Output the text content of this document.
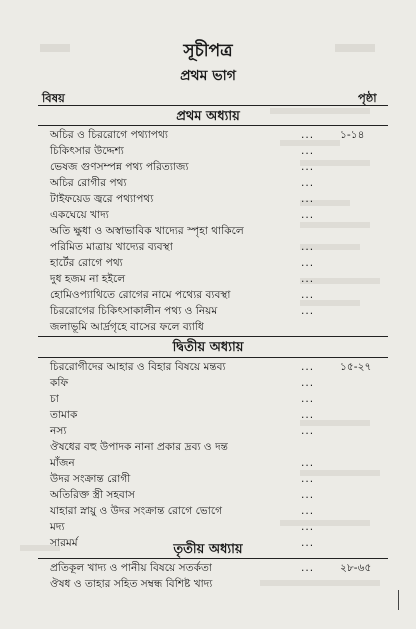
সূচীপত্র
প্রথম ভাগ
বিষয়	পৃষ্ঠা
প্রথম অধ্যায়
অচির ও চিররোগে পথ্যাপথ্য	... ১-১৪
চিকিৎসার উদ্দেশ্য	...
ভেষজ গুণসম্পন্ন পথ্য পরিত্যাজ্য	...
অচির রোগীর পথ্য	...
টাইফয়েড জ্বরে পথ্যাপথ্য	...
একঘেয়ে খাদ্য	...
অতি ক্ষুধা ও অস্বাভাবিক খাদ্যের স্পৃহা থাকিলে
পরিমিত মাত্রায় খাদ্যের ব্যবস্থা	...
হার্টের রোগে পথ্য	...
দুধ হজম না হইলে	...
হোমিওপ্যাথিতে রোগের নামে পথ্যের ব্যবস্থা	...
চিররোগের চিকিৎসাকালীন পথ্য ও নিয়ম	...
জলাভূমি আর্দ্রগৃহে বাসের ফলে ব্যাধি
দ্বিতীয় অধ্যায়
চিররোগীদের আহার ও বিহার বিষয়ে মন্তব্য	... ১৫-২৭
কফি	...
চা	...
তামাক	...
নস্য	...
ঔষধের বহু উপাদক নানা প্রকার দ্রব্য ও দন্ত
মাঁজন	...
উদর সংক্রান্ত রোগী	...
অতিরিক্ত স্ত্রী সহবাস	...
যাহারা স্নায়ু ও উদর সংক্রান্ত রোগে ভোগে	...
মদ্য	...
সারমর্ম	...
তৃতীয় অধ্যায়
প্রতিকূল খাদ্য ও পানীয় বিষয়ে সতর্কতা	... ২৮-৬৫
ঔষধ ও তাহার সহিত সম্বন্ধ বিশিষ্ট খাদ্য
